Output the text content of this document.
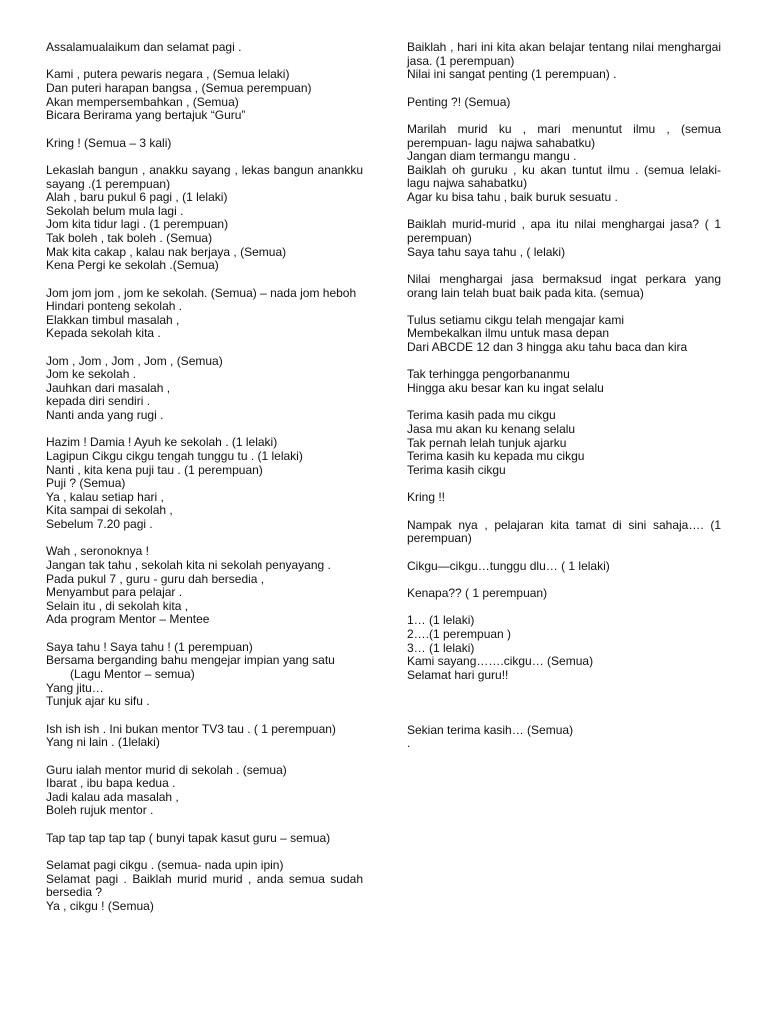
Assalamualaikum dan selamat pagi .
Kami , putera pewaris negara , (Semua lelaki)
Dan puteri harapan bangsa , (Semua perempuan)
Akan mempersembahkan , (Semua)
Bicara Berirama yang bertajuk “Guru”
Kring ! (Semua – 3 kali)
Lekaslah bangun , anakku sayang , lekas bangun anankku sayang .(1 perempuan)
Alah , baru pukul 6 pagi , (1 lelaki)
Sekolah belum mula lagi .
Jom kita tidur lagi . (1 perempuan)
Tak boleh , tak boleh . (Semua)
Mak kita cakap , kalau nak berjaya , (Semua)
Kena Pergi ke sekolah .(Semua)
Jom jom jom , jom ke sekolah. (Semua) – nada jom heboh
Hindari ponteng sekolah .
Elakkan timbul masalah ,
Kepada sekolah kita .
Jom , Jom , Jom , Jom , (Semua)
Jom ke sekolah .
Jauhkan dari masalah ,
kepada diri sendiri .
Nanti anda yang rugi .
Hazim ! Damia ! Ayuh ke sekolah . (1 lelaki)
Lagipun Cikgu cikgu tengah tunggu tu . (1 lelaki)
Nanti , kita kena puji tau . (1 perempuan)
Puji ? (Semua)
Ya , kalau setiap hari ,
Kita sampai di sekolah ,
Sebelum 7.20 pagi .
Wah , seronoknya !
Jangan tak tahu , sekolah kita ni sekolah penyayang .
Pada pukul 7 , guru - guru dah bersedia ,
Menyambut para pelajar .
Selain itu , di sekolah kita ,
Ada program Mentor – Mentee
Saya tahu ! Saya tahu ! (1 perempuan)
Bersama berganding bahu mengejar impian yang satu
(Lagu Mentor – semua)
Yang jitu…
Tunjuk ajar ku sifu .
Ish ish ish . Ini bukan mentor TV3 tau . ( 1 perempuan)
Yang ni lain . (1lelaki)
Guru ialah mentor murid di sekolah . (semua)
Ibarat , ibu bapa kedua .
Jadi kalau ada masalah ,
Boleh rujuk mentor .
Tap tap tap tap tap ( bunyi tapak kasut guru – semua)
Selamat pagi cikgu . (semua- nada upin ipin)
Selamat pagi . Baiklah murid murid , anda semua sudah bersedia ?
Ya , cikgu ! (Semua)
Baiklah , hari ini kita akan belajar tentang nilai menghargai jasa. (1 perempuan)
Nilai ini sangat penting (1 perempuan) .
Penting ?! (Semua)
Marilah murid ku , mari menuntut ilmu , (semua perempuan- lagu najwa sahabatku)
Jangan diam termangu mangu .
Baiklah oh guruku , ku akan tuntut ilmu . (semua lelaki- lagu najwa sahabatku)
Agar ku bisa tahu , baik buruk sesuatu .
Baiklah murid-murid , apa itu nilai menghargai jasa? ( 1 perempuan)
Saya tahu saya tahu , ( lelaki)
Nilai menghargai jasa bermaksud ingat perkara yang orang lain telah buat baik pada kita. (semua)
Tulus setiamu cikgu telah mengajar kami
Membekalkan ilmu untuk masa depan
Dari ABCDE 12 dan 3 hingga aku tahu baca dan kira
Tak terhingga pengorbananmu
Hingga aku besar kan ku ingat selalu
Terima kasih pada mu cikgu
Jasa mu akan ku kenang selalu
Tak pernah lelah tunjuk ajarku
Terima kasih ku kepada mu cikgu
Terima kasih cikgu
Kring !!
Nampak nya , pelajaran kita tamat di sini sahaja…. (1 perempuan)
Cikgu—cikgu…tunggu dlu… ( 1 lelaki)
Kenapa?? ( 1 perempuan)
1… (1 lelaki)
2….(1 perempuan )
3… (1 lelaki)
Kami sayang…….cikgu… (Semua)
Selamat hari guru!!

Sekian terima kasih… (Semua)
.
